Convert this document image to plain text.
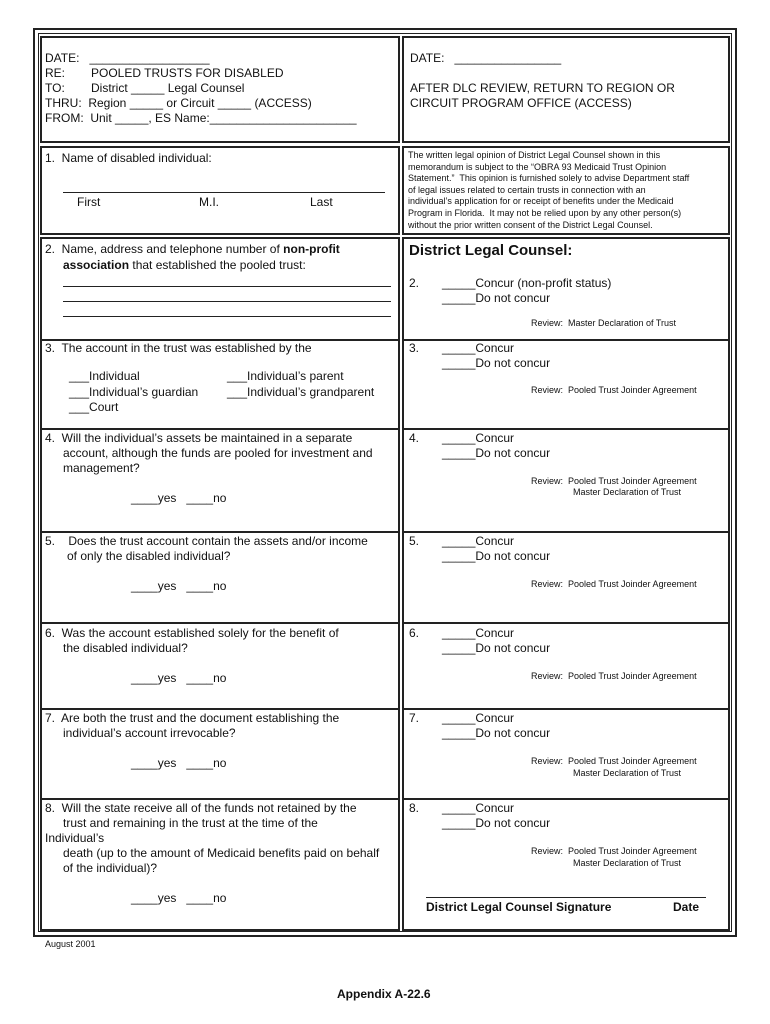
DATE:   __________________
RE: POOLED TRUSTS FOR DISABLED
TO: District _____ Legal Counsel
THRU:  Region _____ or Circuit _____ (ACCESS)
FROM:  Unit _____, ES Name:______________________
DATE:   ________________
AFTER DLC REVIEW, RETURN TO REGION OR
CIRCUIT PROGRAM OFFICE (ACCESS)
1.  Name of disabled individual:
First	M.I.	Last
The written legal opinion of District Legal Counsel shown in this
memorandum is subject to the “OBRA 93 Medicaid Trust Opinion
Statement.”  This opinion is furnished solely to advise Department staff
of legal issues related to certain trusts in connection with an
individual’s application for or receipt of benefits under the Medicaid
Program in Florida.  It may not be relied upon by any other person(s)
without the prior written consent of the District Legal Counsel.
2.  Name, address and telephone number of non-profit
association that established the pooled trust:
District Legal Counsel:
2. _____Concur (non-profit status)
_____Do not concur
Review:  Master Declaration of Trust
3.  The account in the trust was established by the
___Individual	___Individual’s parent
___Individual’s guardian ___Individual’s grandparent
___Court
3. _____Concur
_____Do not concur
Review:  Pooled Trust Joinder Agreement
4.  Will the individual’s assets be maintained in a separate
account, although the funds are pooled for investment and
management?
____yes   ____no
4. _____Concur
_____Do not concur
Review:  Pooled Trust Joinder Agreement
Master Declaration of Trust
5.    Does the trust account contain the assets and/or income
of only the disabled individual?
____yes   ____no
5. _____Concur
_____Do not concur
Review:  Pooled Trust Joinder Agreement
6.  Was the account established solely for the benefit of
the disabled individual?
____yes   ____no
6. _____Concur
_____Do not concur
Review:  Pooled Trust Joinder Agreement
7.  Are both the trust and the document establishing the
individual’s account irrevocable?
____yes   ____no
7. _____Concur
_____Do not concur
Review:  Pooled Trust Joinder Agreement
Master Declaration of Trust
8.  Will the state receive all of the funds not retained by the
trust and remaining in the trust at the time of the
Individual’s
death (up to the amount of Medicaid benefits paid on behalf
of the individual)?
____yes   ____no
8. _____Concur
_____Do not concur
Review:  Pooled Trust Joinder Agreement
Master Declaration of Trust
District Legal Counsel Signature	Date
August 2001
Appendix A-22.6
